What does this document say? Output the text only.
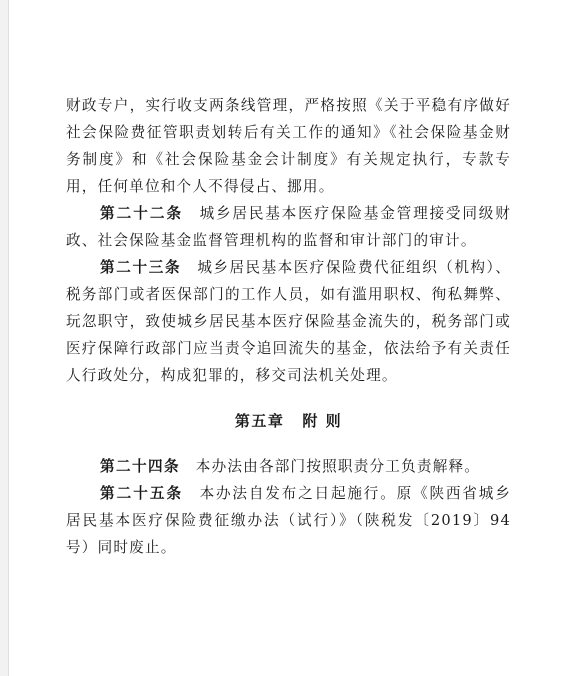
财政专户，实行收支两条线管理，严格按照《关于平稳有序做好社会保险费征管职责划转后有关工作的通知》《社会保险基金财务制度》和《社会保险基金会计制度》有关规定执行，专款专用，任何单位和个人不得侵占、挪用。

第二十二条　 城乡居民基本医疗保险基金管理接受同级财政、社会保险基金监督管理机构的监督和审计部门的审计。

第二十三条　 城乡居民基本医疗保险费代征组织（机构）、税务部门或者医保部门的工作人员，如有滥用职权、徇私舞弊、玩忽职守，致使城乡居民基本医疗保险基金流失的，税务部门或医疗保障行政部门应当责令追回流失的基金，依法给予有关责任人行政处分，构成犯罪的，移交司法机关处理。

第五章 附 则

第二十四条　 本办法由各部门按照职责分工负责解释。

第二十五条　 本办法自发布之日起施行。原《陕西省城乡居民基本医疗保险费征缴办法（试行）》（陕税发〔2019〕94号）同时废止。
